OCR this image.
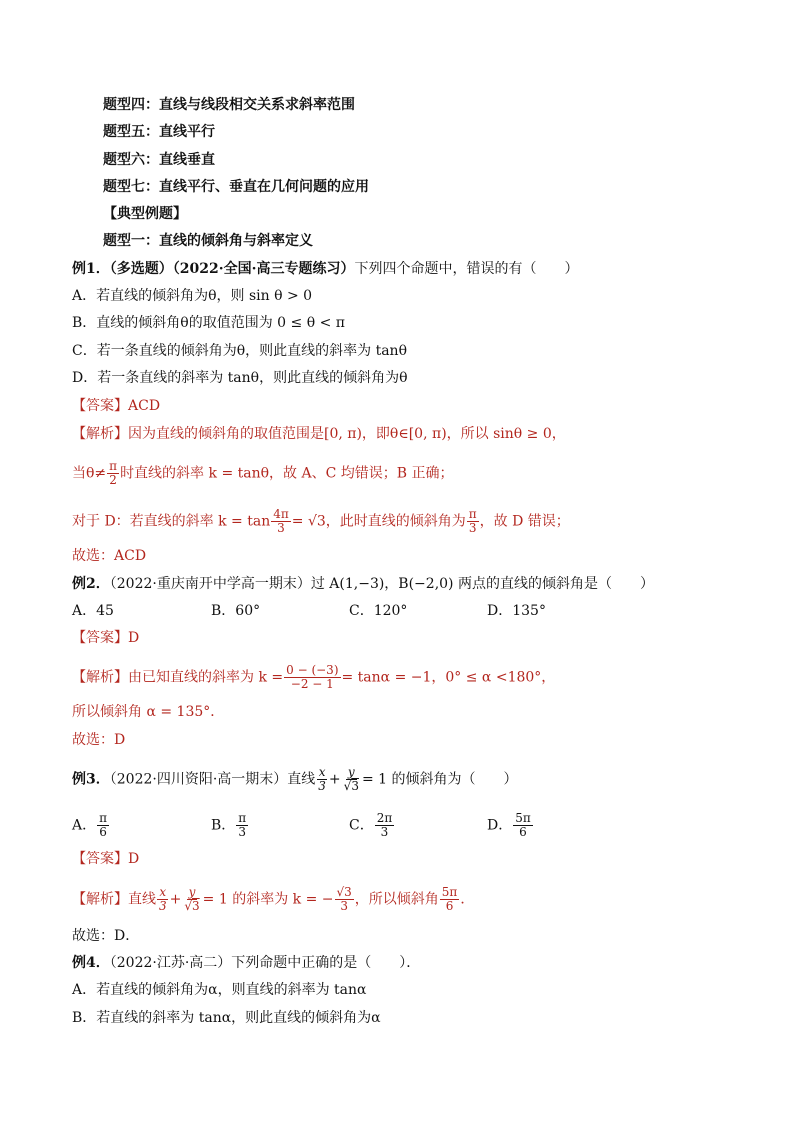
题型四：直线与线段相交关系求斜率范围
题型五：直线平行
题型六：直线垂直
题型七：直线平行、垂直在几何问题的应用
【典型例题】
题型一：直线的倾斜角与斜率定义
例1．（多选题）（2022·全国·高三专题练习）下列四个命题中，错误的有（　　）
A．若直线的倾斜角为θ，则 sin θ > 0
B．直线的倾斜角θ的取值范围为 0 ≤ θ < π
C．若一条直线的倾斜角为θ，则此直线的斜率为 tanθ
D．若一条直线的斜率为 tanθ，则此直线的倾斜角为θ
【答案】ACD
【解析】因为直线的倾斜角的取值范围是[0, π)，即θ∈[0, π)，所以 sinθ ≥ 0，
当$\theta\ne \frac{\pi}{2}$ 时直线的斜率 k = tanθ，故 A、C 均错误；B 正确；
对于 D：若直线的斜率 $k = \tan \frac{4\pi}{3} = √3$，此时直线的倾斜角为 $\frac{\pi}{3}$ ，故 D 错误；
故选：ACD
例2．（2022·重庆南开中学高一期末）过 A(1,−3)，B(−2,0) 两点的直线的倾斜角是（　　）
A．45	B．60°	C．120°	D．135°
【答案】D
【解析】由已知直线的斜率为 $k = \frac{0 - (-3)}{-2 - 1} = \tan\alpha = -1$，0° ≤ α <180°，
所以倾斜角 α = 135°．
故选：D
例3．（2022·四川资阳·高一期末）直线 $\frac{x}{3} + \frac{y}{√3} = 1$ 的倾斜角为（　　）
A． $\frac{\pi}{6}$	B． $\frac{\pi}{3}$	C． $\frac{2\pi}{3}$	D． $\frac{5\pi}{6}$
【答案】D
【解析】直线 $\frac{x}{3} + \frac{y}{√3} = 1$ 的斜率为 k = − $\frac{√3}{3}$ ，所以倾斜角 $\frac{5\pi}{6}$ ．
故选：D．
例4．（2022·江苏·高二）下列命题中正确的是（　　）．
A．若直线的倾斜角为α，则直线的斜率为 tanα
B．若直线的斜率为 tanα，则此直线的倾斜角为α
